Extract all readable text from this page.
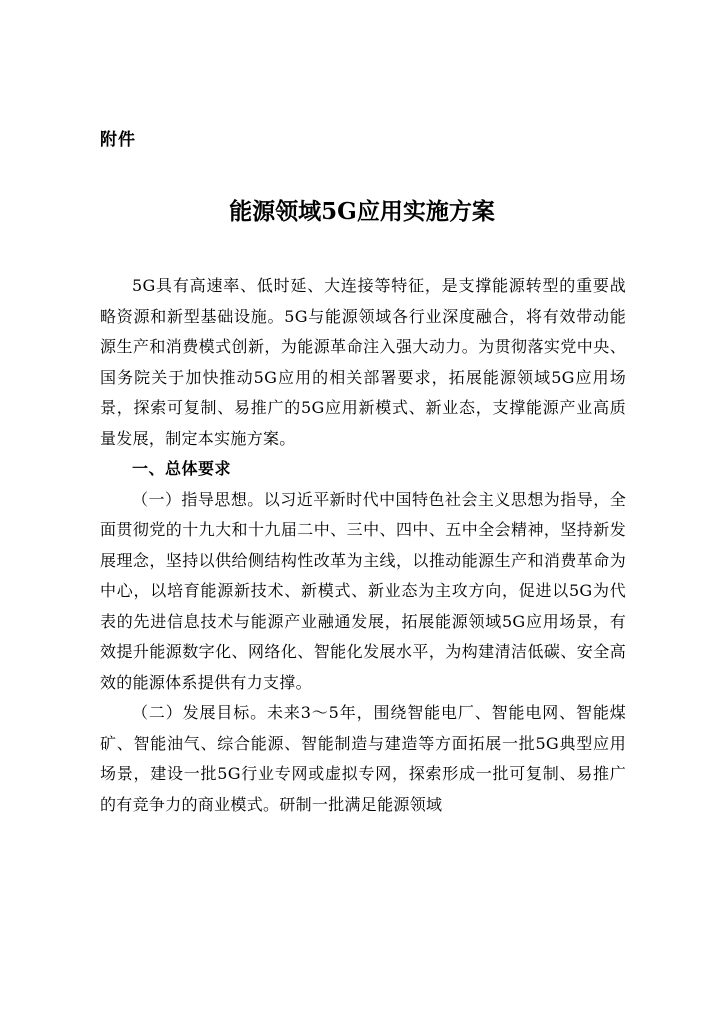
附件
能源领域5G应用实施方案

5G具有高速率、低时延、大连接等特征，是支撑能源转型的重要战略资源和新型基础设施。5G与能源领域各行业深度融合，将有效带动能源生产和消费模式创新，为能源革命注入强大动力。为贯彻落实党中央、国务院关于加快推动5G应用的相关部署要求，拓展能源领域5G应用场景，探索可复制、易推广的5G应用新模式、新业态，支撑能源产业高质量发展，制定本实施方案。

一、总体要求

（一）指导思想。以习近平新时代中国特色社会主义思想为指导，全面贯彻党的十九大和十九届二中、三中、四中、五中全会精神，坚持新发展理念，坚持以供给侧结构性改革为主线，以推动能源生产和消费革命为中心，以培育能源新技术、新模式、新业态为主攻方向，促进以5G为代表的先进信息技术与能源产业融通发展，拓展能源领域5G应用场景，有效提升能源数字化、网络化、智能化发展水平，为构建清洁低碳、安全高效的能源体系提供有力支撑。

（二）发展目标。未来3～5年，围绕智能电厂、智能电网、智能煤矿、智能油气、综合能源、智能制造与建造等方面拓展一批5G典型应用场景，建设一批5G行业专网或虚拟专网，探索形成一批可复制、易推广的有竞争力的商业模式。研制一批满足能源领域
